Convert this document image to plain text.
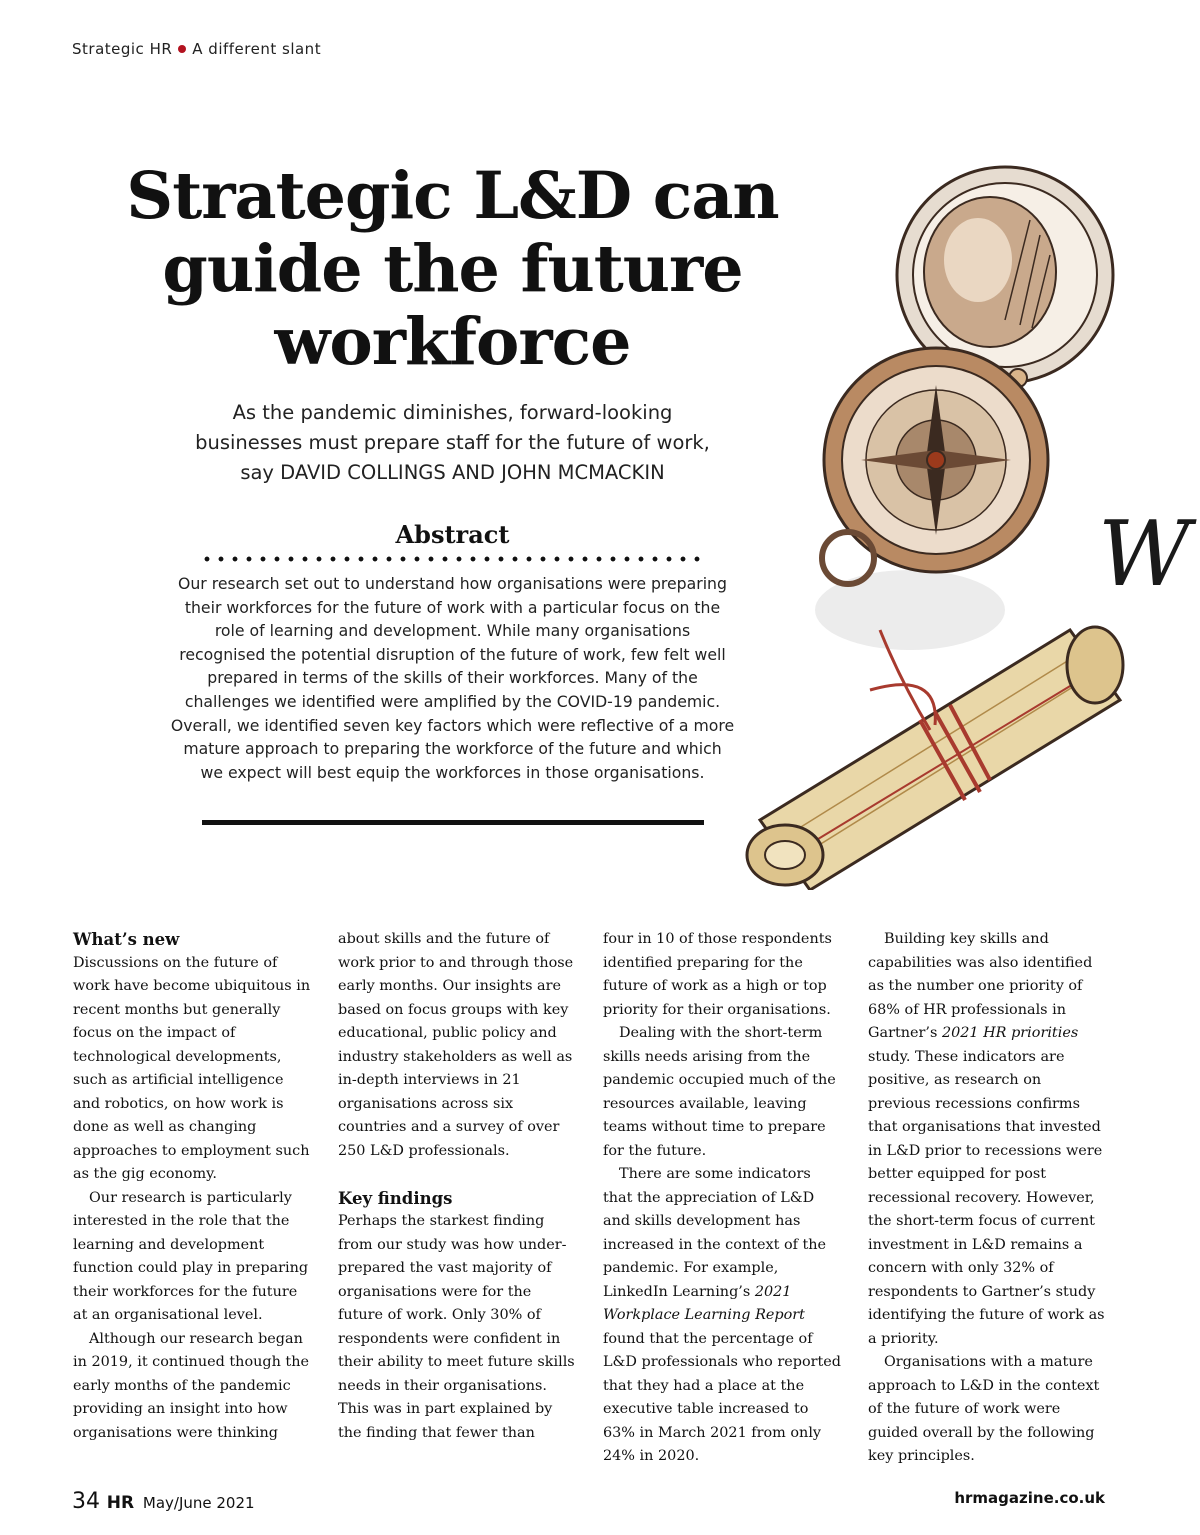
Strategic HR A different slant
Strategic L&D can guide the future workforce
As the pandemic diminishes, forward-looking
businesses must prepare staff for the future of work,
say DAVID COLLINGS AND JOHN MCMACKIN
Abstract
Our research set out to understand how organisations were preparing their workforces for the future of work with a particular focus on the role of learning and development. While many organisations recognised the potential disruption of the future of work, few felt well prepared in terms of the skills of their workforces. Many of the challenges we identified were amplified by the COVID-19 pandemic. Overall, we identified seven key factors which were reflective of a more mature approach to preparing the workforce of the future and which we expect will best equip the workforces in those organisations.
W
What’s new

Discussions on the future of work have become ubiquitous in recent months but generally focus on the impact of technological developments, such as artificial intelligence and robotics, on how work is done as well as changing approaches to employment such as the gig economy.

Our research is particularly interested in the role that the learning and development function could play in preparing their workforces for the future at an organisational level.

Although our research began in 2019, it continued though the early months of the pandemic providing an insight into how organisations were thinking

about skills and the future of work prior to and through those early months. Our insights are based on focus groups with key educational, public policy and industry stakeholders as well as in-depth interviews in 21 organisations across six countries and a survey of over 250 L&D professionals.

Key findings

Perhaps the starkest finding from our study was how under-prepared the vast majority of organisations were for the future of work. Only 30% of respondents were confident in their ability to meet future skills needs in their organisations. This was in part explained by the finding that fewer than

four in 10 of those respondents identified preparing for the future of work as a high or top priority for their organisations.

Dealing with the short-term skills needs arising from the pandemic occupied much of the resources available, leaving teams without time to prepare for the future.

There are some indicators that the appreciation of L&D and skills development has increased in the context of the pandemic. For example, LinkedIn Learning’s 2021 Workplace Learning Report found that the percentage of L&D professionals who reported that they had a place at the executive table increased to 63% in March 2021 from only 24% in 2020.

Building key skills and capabilities was also identified as the number one priority of 68% of HR professionals in Gartner’s 2021 HR priorities study. These indicators are positive, as research on previous recessions confirms that organisations that invested in L&D prior to recessions were better equipped for post recessional recovery. However, the short-term focus of current investment in L&D remains a concern with only 32% of respondents to Gartner’s study identifying the future of work as a priority.

Organisations with a mature approach to L&D in the context of the future of work were guided overall by the following key principles.

34 HR May/June 2021	hrmagazine.co.uk
